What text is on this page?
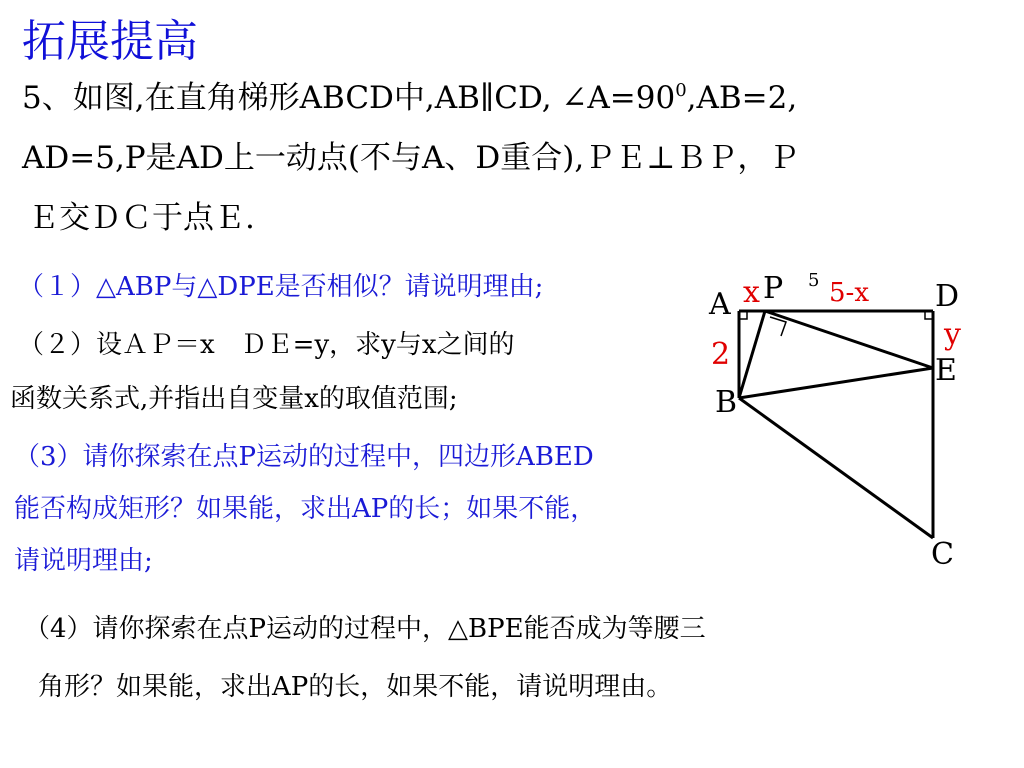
拓展提高
5、如图,在直角梯形ABCD中,AB∥CD, $\angle A=90^0,AB=2$,
AD=5,P是AD上一动点(不与A、D重合),ＰＥ⊥ＢＰ，Ｐ
Ｅ交ＤＣ于点Ｅ.
（１）△ABP与△DPE是否相似？请说明理由;
（２）设ＡＰ＝x　ＤＥ=y，求y与x之间的
函数关系式,并指出自变量x的取值范围;
（3）请你探索在点P运动的过程中，四边形ABED
能否构成矩形？如果能，求出AP的长；如果不能，
请说明理由;
（4）请你探索在点P运动的过程中，△BPE能否成为等腰三
角形？如果能，求出AP的长，如果不能，请说明理由。
A x P 5 5-x D
y
E
2
B
C
